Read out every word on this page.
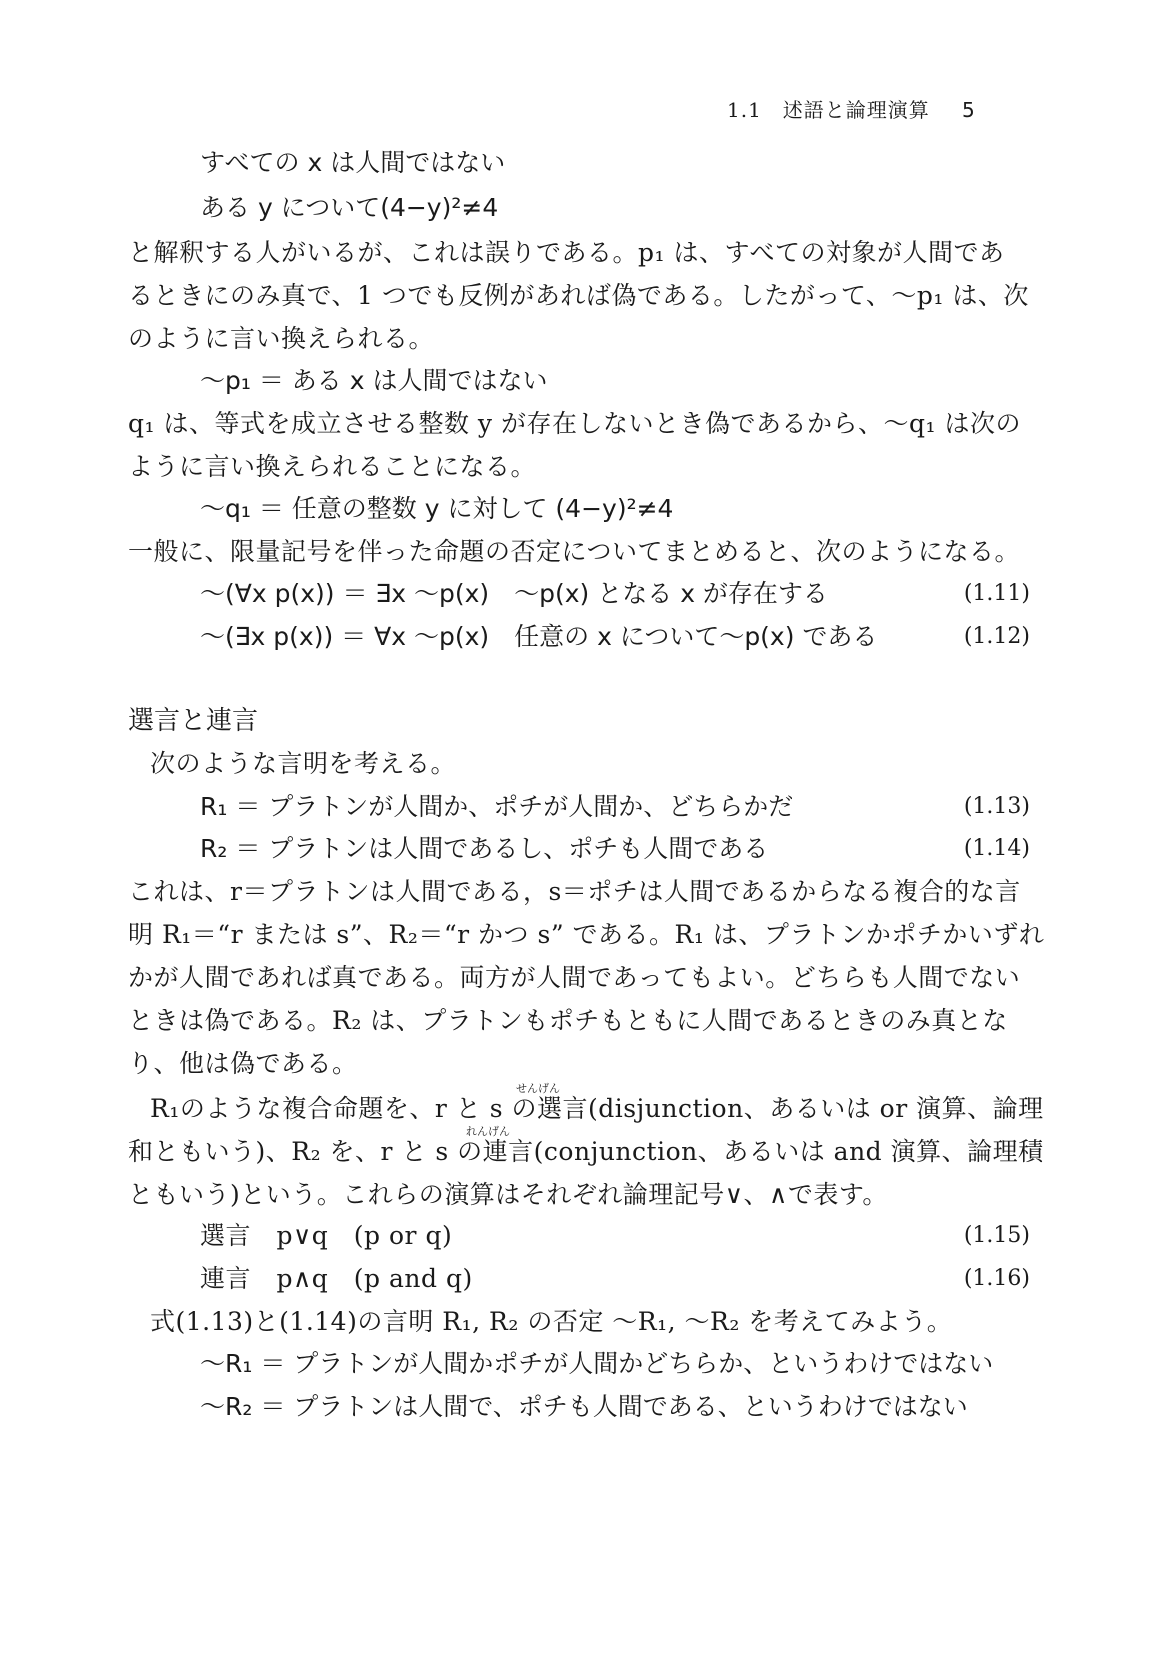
1.1　述語と論理演算 5
すべての x は人間ではない
ある y について(4−y)²≠4
と解釈する人がいるが、これは誤りである。p₁ は、すべての対象が人間であ
るときにのみ真で、1 つでも反例があれば偽である。したがって、〜p₁ は、次
のように言い換えられる。
〜p₁ ＝ ある x は人間ではない
q₁ は、等式を成立させる整数 y が存在しないとき偽であるから、〜q₁ は次の
ように言い換えられることになる。
〜q₁ ＝ 任意の整数 y に対して (4−y)²≠4
一般に、限量記号を伴った命題の否定についてまとめると、次のようになる。
〜(∀x p(x)) ＝ ∃x 〜p(x)　〜p(x) となる x が存在する	(1.11)
〜(∃x p(x)) ＝ ∀x 〜p(x)　任意の x について〜p(x) である	(1.12)
選言と連言
次のような言明を考える。
R₁ ＝ プラトンが人間か、ポチが人間か、どちらかだ	(1.13)
R₂ ＝ プラトンは人間であるし、ポチも人間である	(1.14)
これは、r＝プラトンは人間である，s＝ポチは人間であるからなる複合的な言
明 R₁＝“r または s”、R₂＝“r かつ s” である。R₁ は、プラトンかポチかいずれ
かが人間であれば真である。両方が人間であってもよい。どちらも人間でない
ときは偽である。R₂ は、プラトンもポチもともに人間であるときのみ真とな
り、他は偽である。
せんげん
R₁のような複合命題を、r と s の選言(disjunction、あるいは or 演算、論理
れんげん
和ともいう)、R₂ を、r と s の連言(conjunction、あるいは and 演算、論理積
ともいう)という。これらの演算はそれぞれ論理記号∨、∧で表す。
選言　p∨q　(p or q)	(1.15)
連言　p∧q　(p and q)	(1.16)
式(1.13)と(1.14)の言明 R₁, R₂ の否定 〜R₁, 〜R₂ を考えてみよう。
〜R₁ ＝ プラトンが人間かポチが人間かどちらか、というわけではない
〜R₂ ＝ プラトンは人間で、ポチも人間である、というわけではない
